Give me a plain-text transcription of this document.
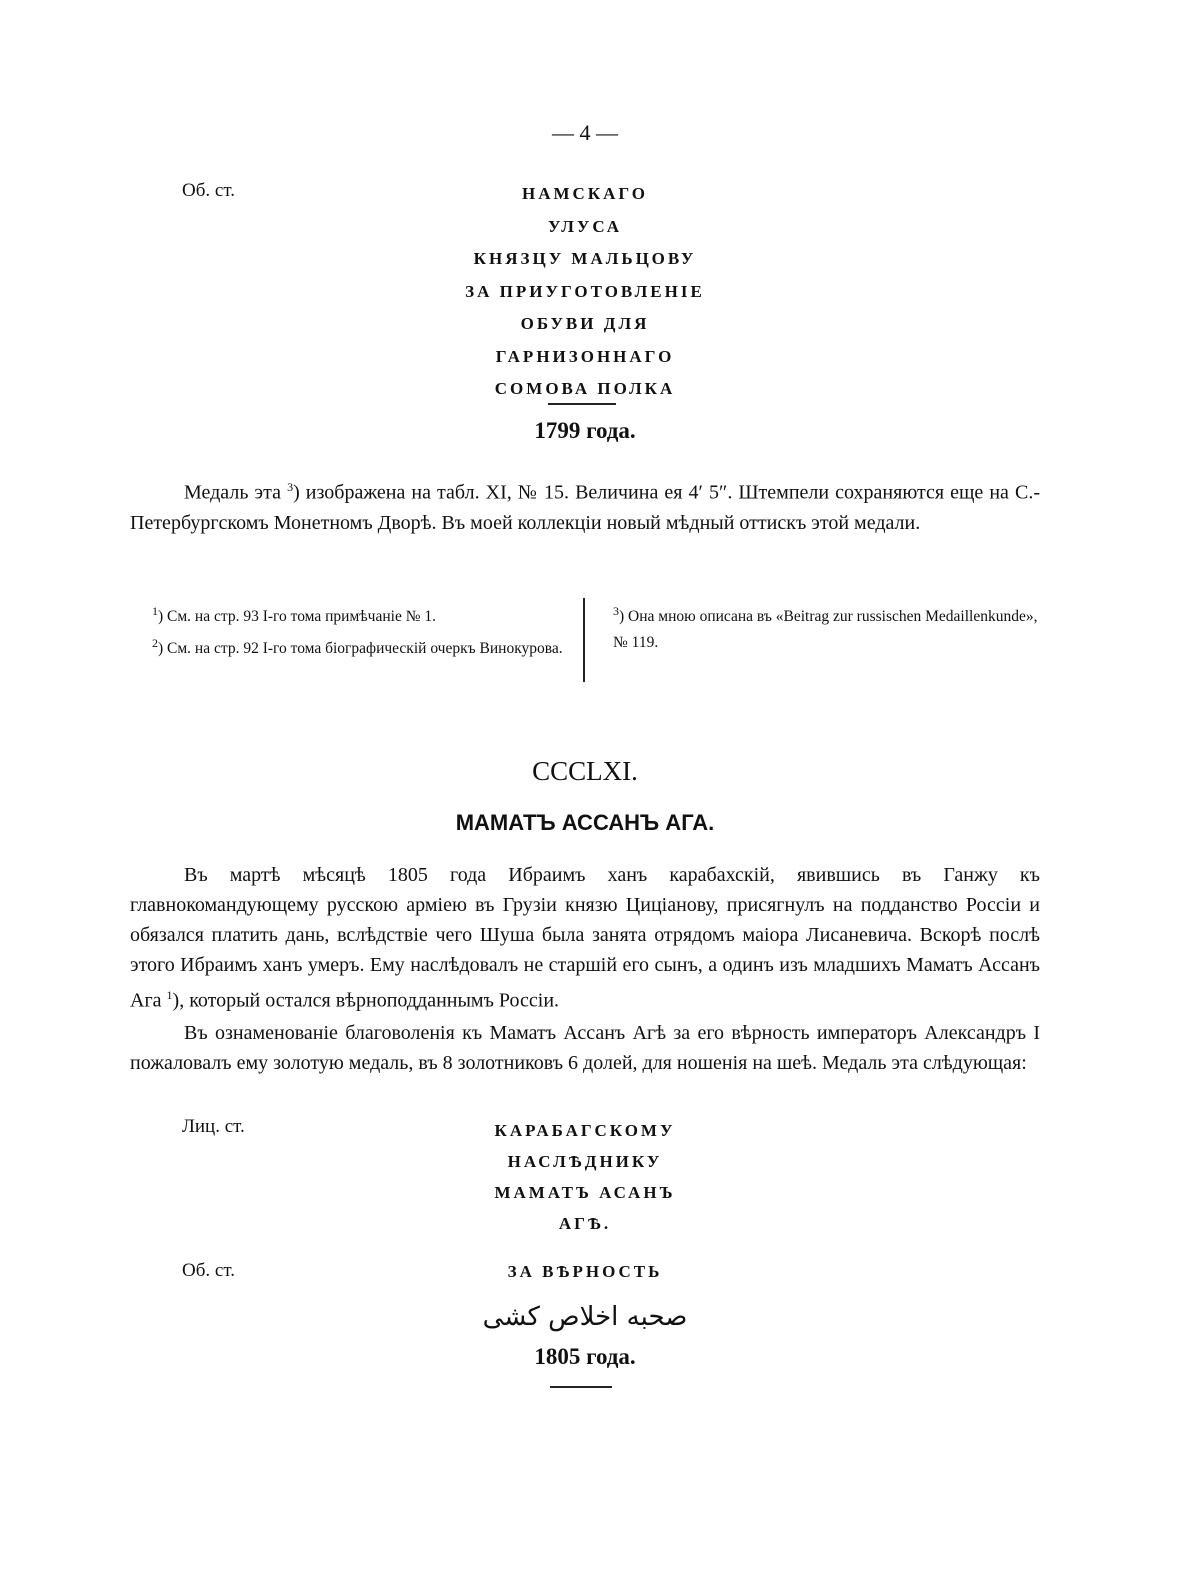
— 4 —
Об. ст.	НАМСКАГО
УЛУСА
КНЯЗЦУ МАЛЬЦОВУ
ЗА ПРИУГОТОВЛЕНІЕ
ОБУВИ ДЛЯ
ГАРНИЗОННАГО
СОМОВА ПОЛКА
1799 года.
Медаль эта $^3$) изображена на табл. XI, № 15. Величина ея 4′ 5″. Штемпели сохраняются еще на С.-Петербургскомъ Монетномъ Дворѣ. Въ моей коллекціи новый мѣдный оттискъ этой медали.
$^1$) См. на стр. 93 I-го тома примѣчаніе № 1.
$^2$) См. на стр. 92 I-го тома біографическій очеркъ Винокурова.
$^3$) Она мною описана въ «Beitrag zur russischen Medaillenkunde», № 119.
CCCLXI.
МАМАТЪ АССАНЪ АГА.
Въ мартѣ мѣсяцѣ 1805 года Ибраимъ ханъ карабахскій, явившись въ Ганжу къ главнокомандующему русскою арміею въ Грузіи князю Циціанову, присягнулъ на подданство Россіи и обязался платить дань, вслѣдствіе чего Шуша была занята отрядомъ маіора Лисаневича. Вскорѣ послѣ этого Ибраимъ ханъ умеръ. Ему наслѣдовалъ не старшій его сынъ, а одинъ изъ младшихъ Маматъ Ассанъ Ага $^1$), который остался вѣрноподданнымъ Россіи.
Въ ознаменованіе благоволенія къ Маматъ Ассанъ Агѣ за его вѣрность императоръ Александръ I пожаловалъ ему золотую медаль, въ 8 золотниковъ 6 долей, для ношенія на шеѣ. Медаль эта слѣдующая:
Лиц. ст.	КАРАБАГСКОМУ
НАСЛѢДНИКУ
МАМАТЪ АСАНЪ
АГѢ.
Об. ст.	ЗА ВѢРНОСТЬ
صحبه اخلاص کشی
1805 года.
